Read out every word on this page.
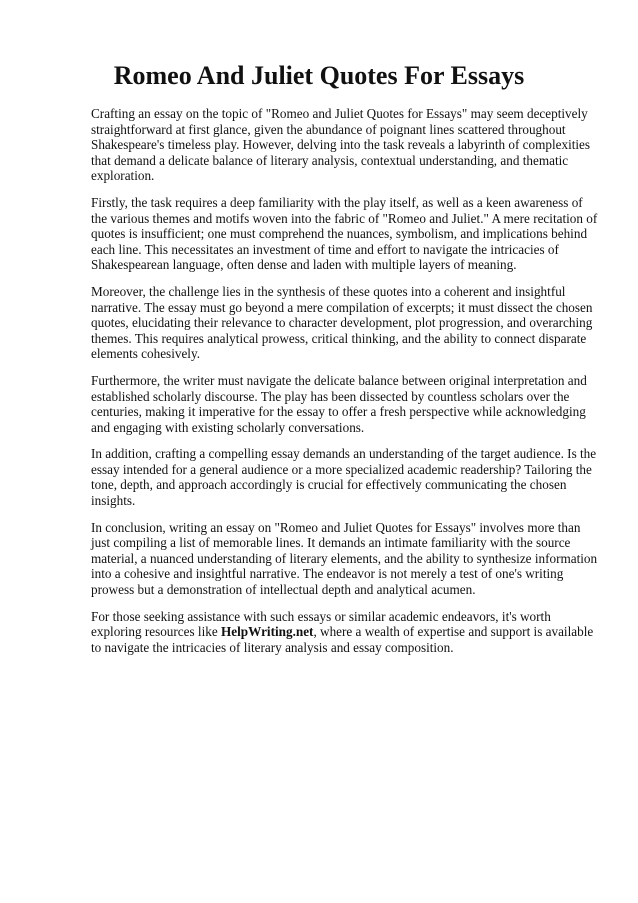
Romeo And Juliet Quotes For Essays

Crafting an essay on the topic of "Romeo and Juliet Quotes for Essays" may seem deceptively straightforward at first glance, given the abundance of poignant lines scattered throughout Shakespeare's timeless play. However, delving into the task reveals a labyrinth of complexities that demand a delicate balance of literary analysis, contextual understanding, and thematic exploration.

Firstly, the task requires a deep familiarity with the play itself, as well as a keen awareness of the various themes and motifs woven into the fabric of "Romeo and Juliet." A mere recitation of quotes is insufficient; one must comprehend the nuances, symbolism, and implications behind each line. This necessitates an investment of time and effort to navigate the intricacies of Shakespearean language, often dense and laden with multiple layers of meaning.

Moreover, the challenge lies in the synthesis of these quotes into a coherent and insightful narrative. The essay must go beyond a mere compilation of excerpts; it must dissect the chosen quotes, elucidating their relevance to character development, plot progression, and overarching themes. This requires analytical prowess, critical thinking, and the ability to connect disparate elements cohesively.

Furthermore, the writer must navigate the delicate balance between original interpretation and established scholarly discourse. The play has been dissected by countless scholars over the centuries, making it imperative for the essay to offer a fresh perspective while acknowledging and engaging with existing scholarly conversations.

In addition, crafting a compelling essay demands an understanding of the target audience. Is the essay intended for a general audience or a more specialized academic readership? Tailoring the tone, depth, and approach accordingly is crucial for effectively communicating the chosen insights.

In conclusion, writing an essay on "Romeo and Juliet Quotes for Essays" involves more than just compiling a list of memorable lines. It demands an intimate familiarity with the source material, a nuanced understanding of literary elements, and the ability to synthesize information into a cohesive and insightful narrative. The endeavor is not merely a test of one's writing prowess but a demonstration of intellectual depth and analytical acumen.

For those seeking assistance with such essays or similar academic endeavors, it's worth exploring resources like HelpWriting.net, where a wealth of expertise and support is available to navigate the intricacies of literary analysis and essay composition.
